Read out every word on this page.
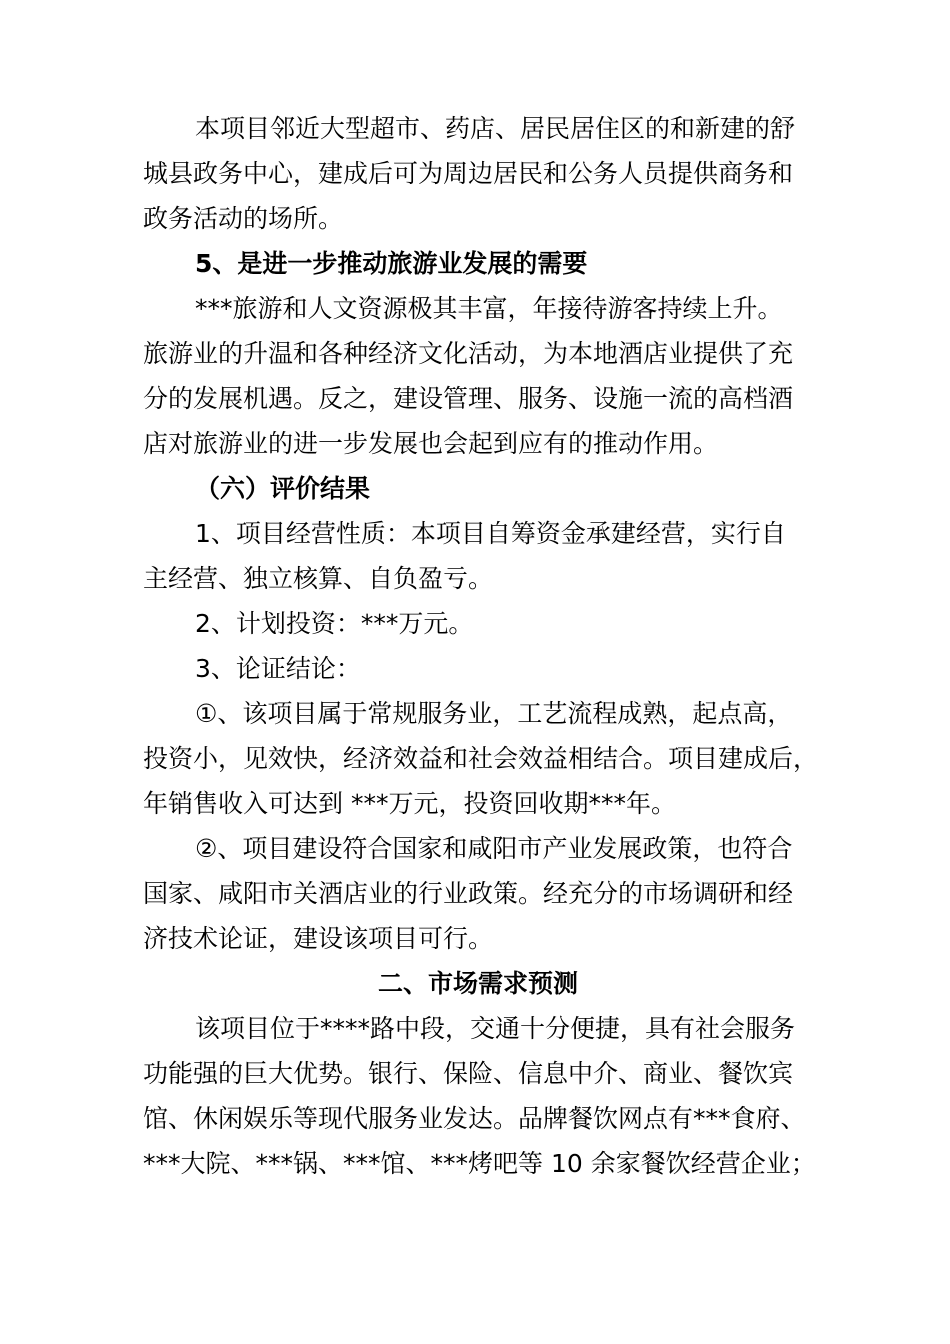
本项目邻近大型超市、药店、居民居住区的和新建的舒
城县政务中心，建成后可为周边居民和公务人员提供商务和
政务活动的场所。

5、是进一步推动旅游业发展的需要

***旅游和人文资源极其丰富，年接待游客持续上升。
旅游业的升温和各种经济文化活动，为本地酒店业提供了充
分的发展机遇。反之，建设管理、服务、设施一流的高档酒
店对旅游业的进一步发展也会起到应有的推动作用。

（六）评价结果

1、项目经营性质：本项目自筹资金承建经营，实行自
主经营、独立核算、自负盈亏。

2、计划投资：***万元。

3、论证结论：

①、该项目属于常规服务业，工艺流程成熟，起点高，
投资小，见效快，经济效益和社会效益相结合。项目建成后，
年销售收入可达到 ***万元，投资回收期***年。

②、项目建设符合国家和咸阳市产业发展政策，也符合
国家、咸阳市关酒店业的行业政策。经充分的市场调研和经
济技术论证，建设该项目可行。

二、市场需求预测

该项目位于****路中段，交通十分便捷，具有社会服务
功能强的巨大优势。银行、保险、信息中介、商业、餐饮宾
馆、休闲娱乐等现代服务业发达。品牌餐饮网点有***食府、
***大院、***锅、***馆、***烤吧等 10 余家餐饮经营企业；
